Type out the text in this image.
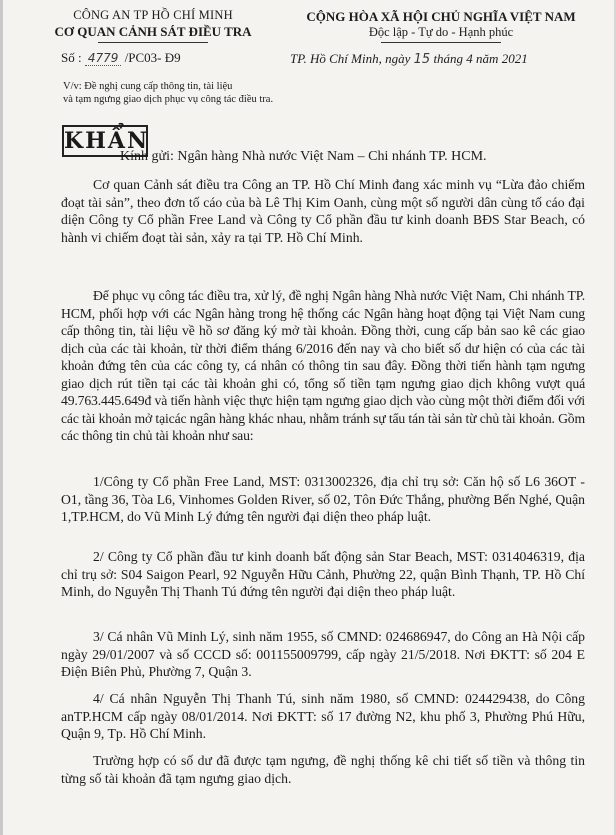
CÔNG AN TP HỒ CHÍ MINH
CƠ QUAN CẢNH SÁT ĐIỀU TRA
CỘNG HÒA XÃ HỘI CHỦ NGHĨA VIỆT NAM
Độc lập - Tự do - Hạnh phúc
Số : 4779 /PC03- Đ9	TP. Hồ Chí Minh, ngày 15 tháng 4 năm 2021
V/v: Đề nghị cung cấp thông tin, tài liệu
và tạm ngưng giao dịch phục vụ công tác điều tra.
KHẨN
Kính gửi: Ngân hàng Nhà nước Việt Nam – Chi nhánh TP. HCM.

Cơ quan Cảnh sát điều tra Công an TP. Hồ Chí Minh đang xác minh vụ “Lừa đảo chiếm đoạt tài sản”, theo đơn tố cáo của bà Lê Thị Kim Oanh, cùng một số người dân cùng tố cáo đại diện Công ty Cổ phần Free Land và Công ty Cổ phần đầu tư kinh doanh BĐS Star Beach, có hành vi chiếm đoạt tài sản, xảy ra tại TP. Hồ Chí Minh.

Để phục vụ công tác điều tra, xử lý, đề nghị Ngân hàng Nhà nước Việt Nam, Chi nhánh TP. HCM, phối hợp với các Ngân hàng trong hệ thống các Ngân hàng hoạt động tại Việt Nam cung cấp thông tin, tài liệu về hồ sơ đăng ký mở tài khoản. Đồng thời, cung cấp bản sao kê các giao dịch của các tài khoản, từ thời điểm tháng 6/2016 đến nay và cho biết số dư hiện có của các tài khoản đứng tên của các công ty, cá nhân có thông tin sau đây. Đồng thời tiến hành tạm ngưng giao dịch rút tiền tại các tài khoản ghi có, tổng số tiền tạm ngưng giao dịch không vượt quá 49.763.445.649đ và tiến hành việc thực hiện tạm ngưng giao dịch vào cùng một thời điểm đối với các tài khoản mở tạicác ngân hàng khác nhau, nhằm tránh sự tẩu tán tài sản từ chủ tài khoản. Gồm các thông tin chủ tài khoản như sau:

1/Công ty Cổ phần Free Land, MST: 0313002326, địa chỉ trụ sở: Căn hộ số L6 36OT - O1, tầng 36, Tòa L6, Vinhomes Golden River, số 02, Tôn Đức Thắng, phường Bến Nghé, Quận 1,TP.HCM, do Vũ Minh Lý đứng tên người đại diện theo pháp luật.

2/ Công ty Cổ phần đầu tư kinh doanh bất động sản Star Beach, MST: 0314046319, địa chỉ trụ sở: S04 Saigon Pearl, 92 Nguyễn Hữu Cảnh, Phường 22, quận Bình Thạnh, TP. Hồ Chí Minh, do Nguyễn Thị Thanh Tú đứng tên người đại diện theo pháp luật.

3/ Cá nhân Vũ Minh Lý, sinh năm 1955, số CMND: 024686947, do Công an Hà Nội cấp ngày 29/01/2007 và số CCCD số: 001155009799, cấp ngày 21/5/2018. Nơi ĐKTT: số 204 E Điện Biên Phủ, Phường 7, Quận 3.

4/ Cá nhân Nguyễn Thị Thanh Tú, sinh năm 1980, số CMND: 024429438, do Công anTP.HCM cấp ngày 08/01/2014. Nơi ĐKTT: số 17 đường N2, khu phố 3, Phường Phú Hữu, Quận 9, Tp. Hồ Chí Minh.

Trường hợp có số dư đã được tạm ngưng, đề nghị thống kê chi tiết số tiền và thông tin từng số tài khoản đã tạm ngưng giao dịch.
